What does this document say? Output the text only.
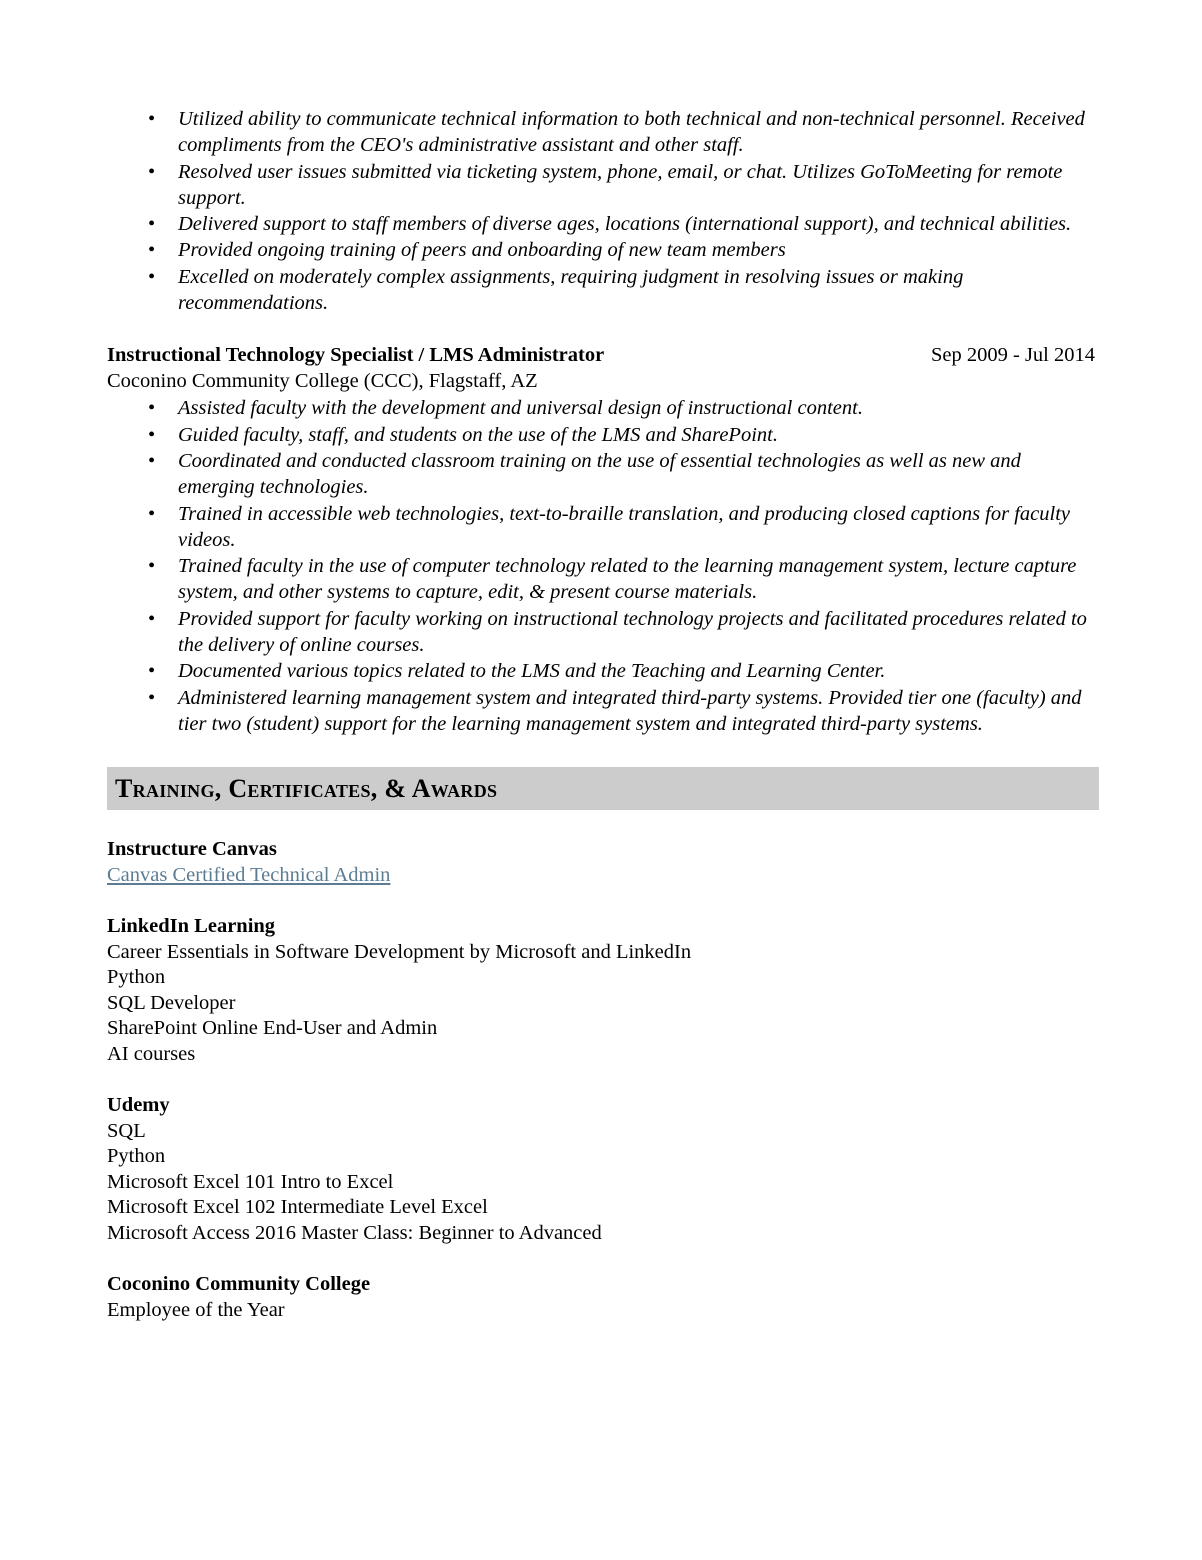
• Utilized ability to communicate technical information to both technical and non-technical personnel. Received compliments from the CEO's administrative assistant and other staff.
• Resolved user issues submitted via ticketing system, phone, email, or chat. Utilizes GoToMeeting for remote support.
• Delivered support to staff members of diverse ages, locations (international support), and technical abilities.
• Provided ongoing training of peers and onboarding of new team members
• Excelled on moderately complex assignments, requiring judgment in resolving issues or making recommendations.
Instructional Technology Specialist / LMS Administrator	Sep 2009 - Jul 2014
Coconino Community College (CCC), Flagstaff, AZ
• Assisted faculty with the development and universal design of instructional content.
• Guided faculty, staff, and students on the use of the LMS and SharePoint.
• Coordinated and conducted classroom training on the use of essential technologies as well as new and emerging technologies.
• Trained in accessible web technologies, text-to-braille translation, and producing closed captions for faculty videos.
• Trained faculty in the use of computer technology related to the learning management system, lecture capture system, and other systems to capture, edit, & present course materials.
• Provided support for faculty working on instructional technology projects and facilitated procedures related to the delivery of online courses.
• Documented various topics related to the LMS and the Teaching and Learning Center.
• Administered learning management system and integrated third-party systems. Provided tier one (faculty) and tier two (student) support for the learning management system and integrated third-party systems.
Training, Certificates, & Awards
Instructure Canvas
Canvas Certified Technical Admin
LinkedIn Learning
Career Essentials in Software Development by Microsoft and LinkedIn
Python
SQL Developer
SharePoint Online End-User and Admin
AI courses
Udemy
SQL
Python
Microsoft Excel 101 Intro to Excel
Microsoft Excel 102 Intermediate Level Excel
Microsoft Access 2016 Master Class: Beginner to Advanced
Coconino Community College
Employee of the Year
